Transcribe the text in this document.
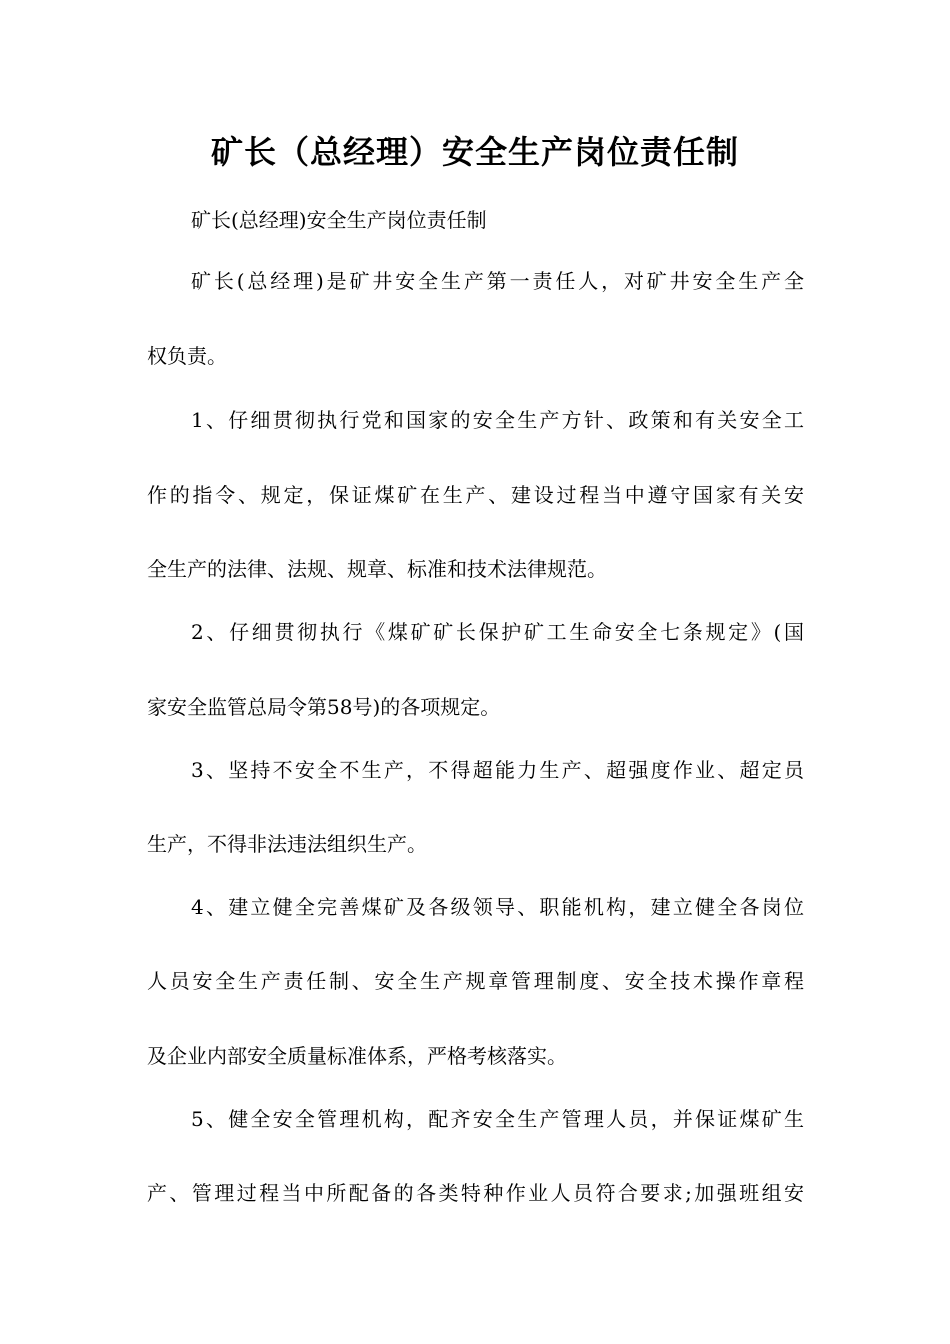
矿长（总经理）安全生产岗位责任制
矿长(总经理)安全生产岗位责任制
矿长(总经理)是矿井安全生产第一责任人，对矿井安全生产全
权负责。
1、仔细贯彻执行党和国家的安全生产方针、政策和有关安全工
作的指令、规定，保证煤矿在生产、建设过程当中遵守国家有关安
全生产的法律、法规、规章、标准和技术法律规范。
2、仔细贯彻执行《煤矿矿长保护矿工生命安全七条规定》(国
家安全监管总局令第58号)的各项规定。
3、坚持不安全不生产，不得超能力生产、超强度作业、超定员
生产，不得非法违法组织生产。
4、建立健全完善煤矿及各级领导、职能机构，建立健全各岗位
人员安全生产责任制、安全生产规章管理制度、安全技术操作章程
及企业内部安全质量标准体系，严格考核落实。
5、健全安全管理机构，配齐安全生产管理人员，并保证煤矿生
产、管理过程当中所配备的各类特种作业人员符合要求;加强班组安
